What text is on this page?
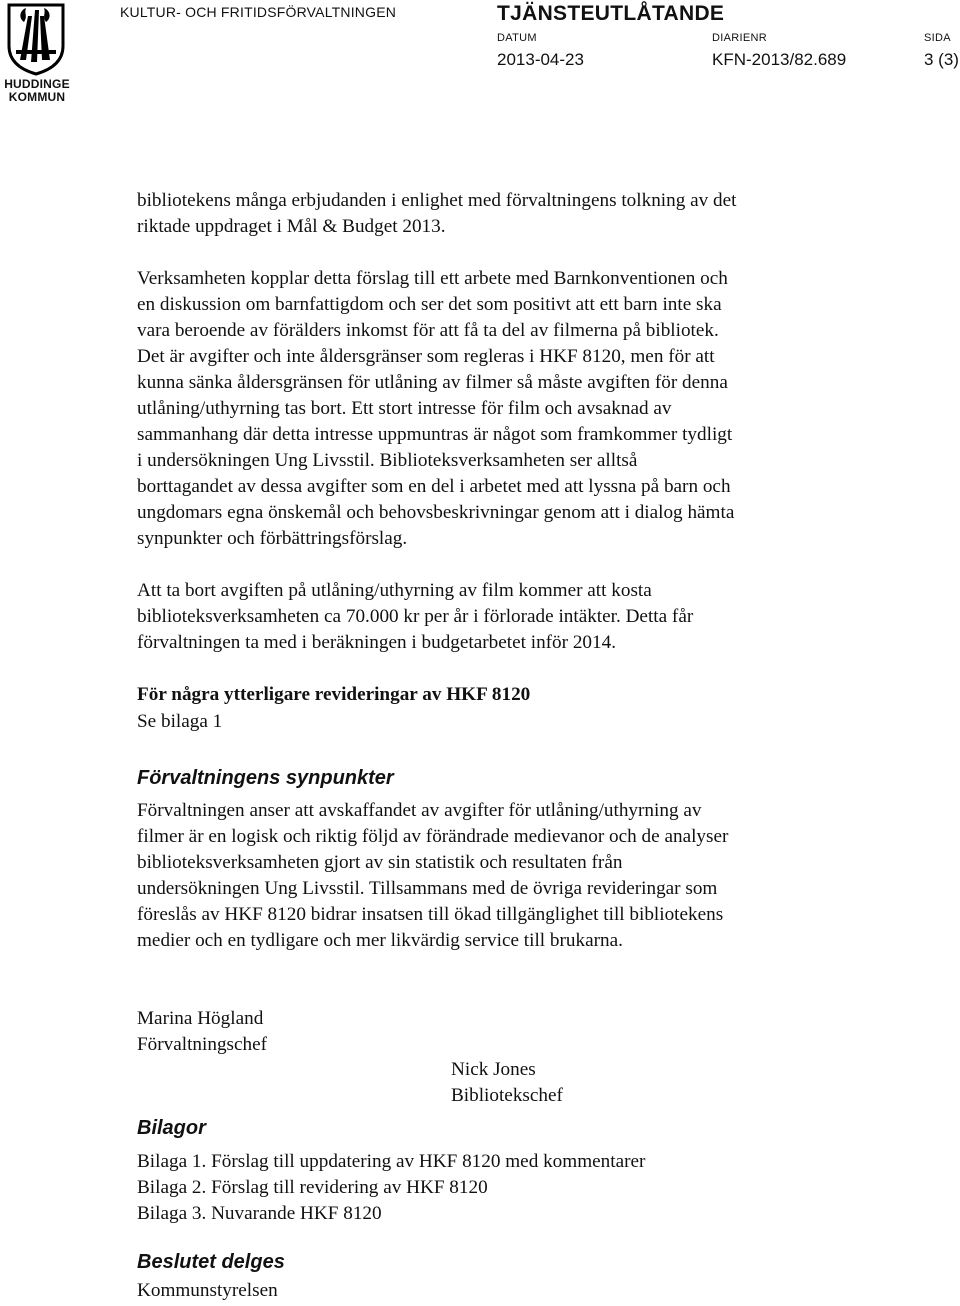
HUDDINGE
KOMMUN
KULTUR- OCH FRITIDSFÖRVALTNINGEN	TJÄNSTEUTLÅTANDE
DATUM
2013-04-23
DIARIENR
KFN-2013/82.689
SIDA
3 (3)
bibliotekens många erbjudanden i enlighet med förvaltningens tolkning av det
riktade uppdraget i Mål & Budget 2013.
Verksamheten kopplar detta förslag till ett arbete med Barnkonventionen och
en diskussion om barnfattigdom och ser det som positivt att ett barn inte ska
vara beroende av förälders inkomst för att få ta del av filmerna på bibliotek.
Det är avgifter och inte åldersgränser som regleras i HKF 8120, men för att
kunna sänka åldersgränsen för utlåning av filmer så måste avgiften för denna
utlåning/uthyrning tas bort. Ett stort intresse för film och avsaknad av
sammanhang där detta intresse uppmuntras är något som framkommer tydligt
i undersökningen Ung Livsstil. Biblioteksverksamheten ser alltså
borttagandet av dessa avgifter som en del i arbetet med att lyssna på barn och
ungdomars egna önskemål och behovsbeskrivningar genom att i dialog hämta
synpunkter och förbättringsförslag.
Att ta bort avgiften på utlåning/uthyrning av film kommer att kosta
biblioteksverksamheten ca 70.000 kr per år i förlorade intäkter. Detta får
förvaltningen ta med i beräkningen i budgetarbetet inför 2014.
För några ytterligare revideringar av HKF 8120
Se bilaga 1
Förvaltningens synpunkter
Förvaltningen anser att avskaffandet av avgifter för utlåning/uthyrning av
filmer är en logisk och riktig följd av förändrade medievanor och de analyser
biblioteksverksamheten gjort av sin statistik och resultaten från
undersökningen Ung Livsstil. Tillsammans med de övriga revideringar som
föreslås av HKF 8120 bidrar insatsen till ökad tillgänglighet till bibliotekens
medier och en tydligare och mer likvärdig service till brukarna.
Marina Högland
Förvaltningschef
Nick Jones
Bibliotekschef
Bilagor
Bilaga 1. Förslag till uppdatering av HKF 8120 med kommentarer
Bilaga 2. Förslag till revidering av HKF 8120
Bilaga 3. Nuvarande HKF 8120
Beslutet delges
Kommunstyrelsen
